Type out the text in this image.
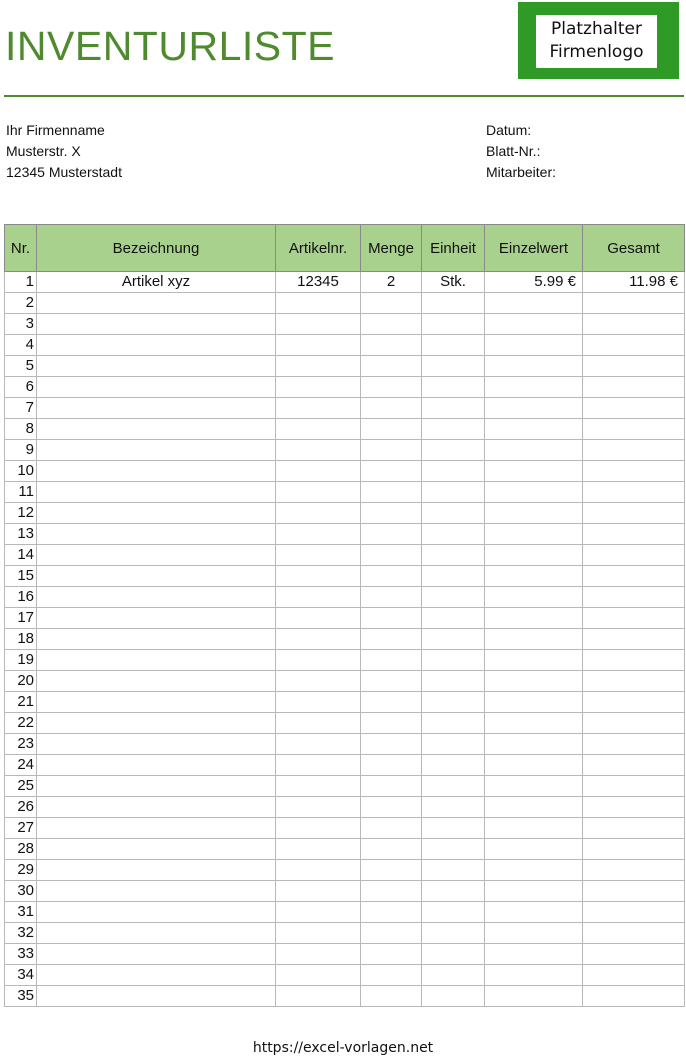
INVENTURLISTE	Platzhalter
Firmenlogo
Ihr Firmenname
Musterstr. X
12345 Musterstadt
Datum:
Blatt-Nr.:
Mitarbeiter:
Nr.	Bezeichnung	Artikelnr.	Menge	Einheit	Einzelwert	Gesamt
1	Artikel xyz	12345	2	Stk.	5.99 €	11.98 €
2						
3						
4						
5						
6						
7						
8						
9						
10						
11						
12						
13						
14						
15						
16						
17						
18						
19						
20						
21						
22						
23						
24						
25						
26						
27						
28						
29						
30						
31						
32						
33						
34						
35						
https://excel-vorlagen.net
